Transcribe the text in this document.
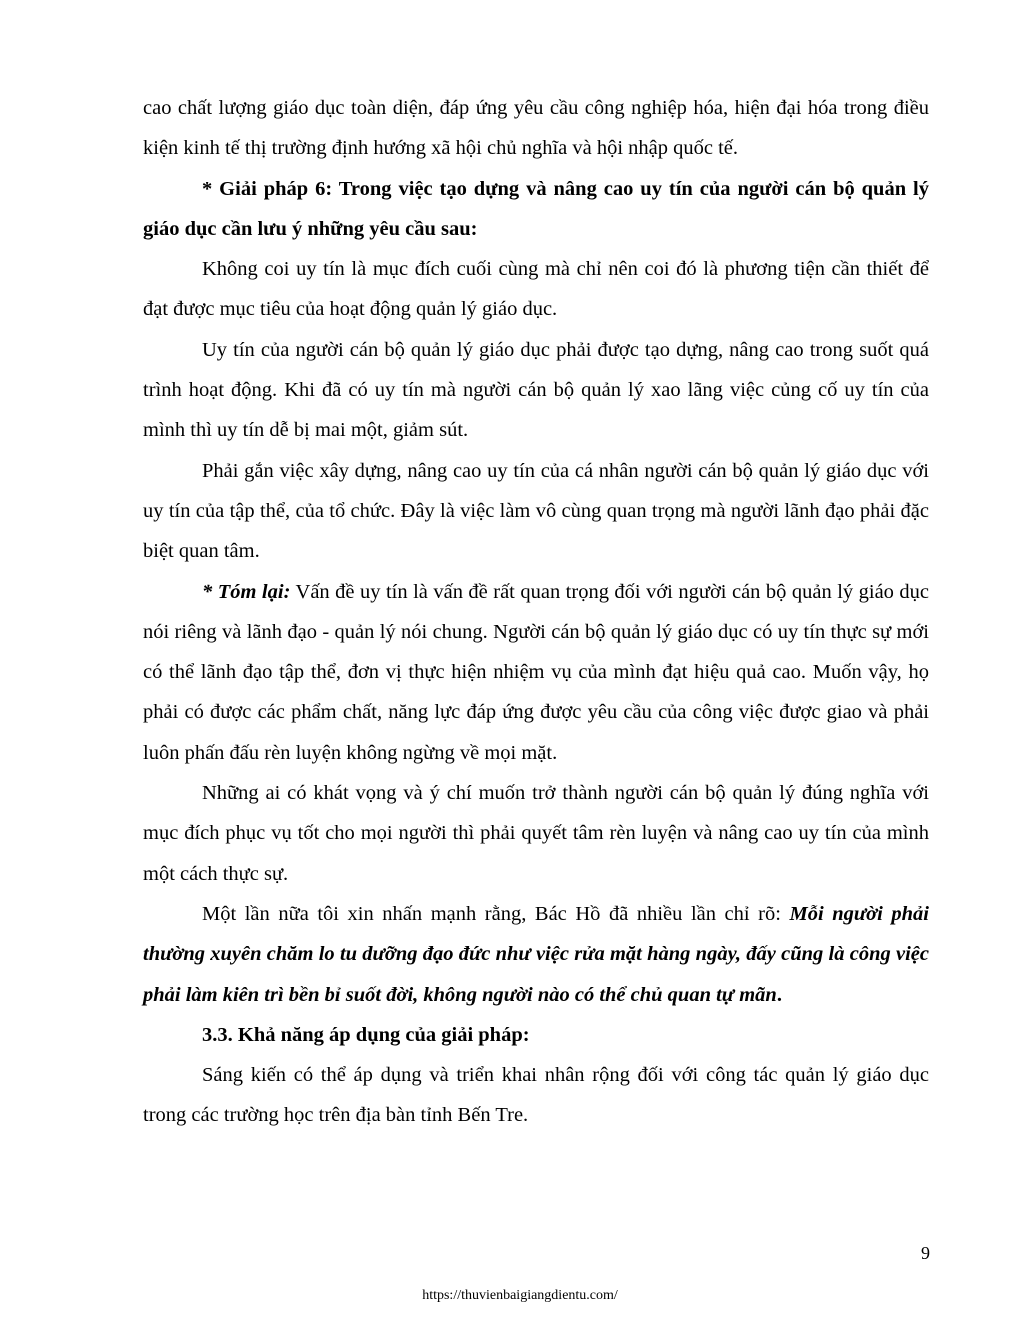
cao chất lượng giáo dục toàn diện, đáp ứng yêu cầu công nghiệp hóa, hiện đại hóa trong điều kiện kinh tế thị trường định hướng xã hội chủ nghĩa và hội nhập quốc tế.

* Giải pháp 6: Trong việc tạo dựng và nâng cao uy tín của người cán bộ quản lý giáo dục cần lưu ý những yêu cầu sau:

Không coi uy tín là mục đích cuối cùng mà chỉ nên coi đó là phương tiện cần thiết để đạt được mục tiêu của hoạt động quản lý giáo dục.

Uy tín của người cán bộ quản lý giáo dục phải được tạo dựng, nâng cao trong suốt quá trình hoạt động. Khi đã có uy tín mà người cán bộ quản lý xao lãng việc củng cố uy tín của mình thì uy tín dễ bị mai một, giảm sút.

Phải gắn việc xây dựng, nâng cao uy tín của cá nhân người cán bộ quản lý giáo dục với uy tín của tập thể, của tổ chức. Đây là việc làm vô cùng quan trọng mà người lãnh đạo phải đặc biệt quan tâm.

* Tóm lại: Vấn đề uy tín là vấn đề rất quan trọng đối với người cán bộ quản lý giáo dục nói riêng và lãnh đạo - quản lý nói chung. Người cán bộ quản lý giáo dục có uy tín thực sự mới có thể lãnh đạo tập thể, đơn vị thực hiện nhiệm vụ của mình đạt hiệu quả cao. Muốn vậy, họ phải có được các phẩm chất, năng lực đáp ứng được yêu cầu của công việc được giao và phải luôn phấn đấu rèn luyện không ngừng về mọi mặt.

Những ai có khát vọng và ý chí muốn trở thành người cán bộ quản lý đúng nghĩa với mục đích phục vụ tốt cho mọi người thì phải quyết tâm rèn luyện và nâng cao uy tín của mình một cách thực sự.

Một lần nữa tôi xin nhấn mạnh rằng, Bác Hồ đã nhiều lần chỉ rõ: Mỗi người phải thường xuyên chăm lo tu dưỡng đạo đức như việc rửa mặt hàng ngày, đấy cũng là công việc phải làm kiên trì bền bỉ suốt đời, không người nào có thể chủ quan tự mãn.

3.3. Khả năng áp dụng của giải pháp:

Sáng kiến có thể áp dụng và triển khai nhân rộng đối với công tác quản lý giáo dục trong các trường học trên địa bàn tỉnh Bến Tre.

9
https://thuvienbaigiangdientu.com/
